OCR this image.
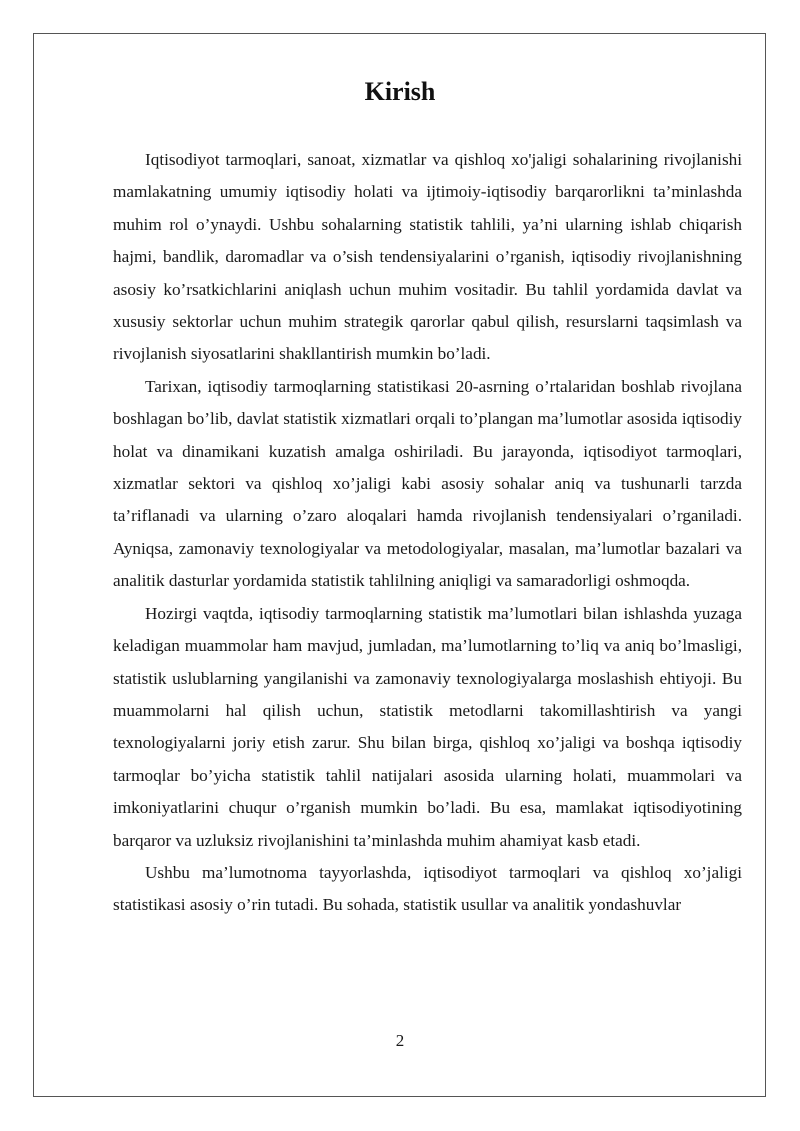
Kirish

Iqtisodiyot tarmoqlari, sanoat, xizmatlar va qishloq xo'jaligi sohalarining rivojlanishi mamlakatning umumiy iqtisodiy holati va ijtimoiy-iqtisodiy barqarorlikni ta’minlashda muhim rol o’ynaydi. Ushbu sohalarning statistik tahlili, ya’ni ularning ishlab chiqarish hajmi, bandlik, daromadlar va o’sish tendensiyalarini o’rganish, iqtisodiy rivojlanishning asosiy ko’rsatkichlarini aniqlash uchun muhim vositadir. Bu tahlil yordamida davlat va xususiy sektorlar uchun muhim strategik qarorlar qabul qilish, resurslarni taqsimlash va rivojlanish siyosatlarini shakllantirish mumkin bo’ladi.

Tarixan, iqtisodiy tarmoqlarning statistikasi 20-asrning o’rtalaridan boshlab rivojlana boshlagan bo’lib, davlat statistik xizmatlari orqali to’plangan ma’lumotlar asosida iqtisodiy holat va dinamikani kuzatish amalga oshiriladi. Bu jarayonda, iqtisodiyot tarmoqlari, xizmatlar sektori va qishloq xo’jaligi kabi asosiy sohalar aniq va tushunarli tarzda ta’riflanadi va ularning o’zaro aloqalari hamda rivojlanish tendensiyalari o’rganiladi. Ayniqsa, zamonaviy texnologiyalar va metodologiyalar, masalan, ma’lumotlar bazalari va analitik dasturlar yordamida statistik tahlilning aniqligi va samaradorligi oshmoqda.

Hozirgi vaqtda, iqtisodiy tarmoqlarning statistik ma’lumotlari bilan ishlashda yuzaga keladigan muammolar ham mavjud, jumladan, ma’lumotlarning to’liq va aniq bo’lmasligi, statistik uslublarning yangilanishi va zamonaviy texnologiyalarga moslashish ehtiyoji. Bu muammolarni hal qilish uchun, statistik metodlarni takomillashtirish va yangi texnologiyalarni joriy etish zarur. Shu bilan birga, qishloq xo’jaligi va boshqa iqtisodiy tarmoqlar bo’yicha statistik tahlil natijalari asosida ularning holati, muammolari va imkoniyatlarini chuqur o’rganish mumkin bo’ladi. Bu esa, mamlakat iqtisodiyotining barqaror va uzluksiz rivojlanishini ta’minlashda muhim ahamiyat kasb etadi.

Ushbu ma’lumotnoma tayyorlashda, iqtisodiyot tarmoqlari va qishloq xo’jaligi statistikasi asosiy o’rin tutadi. Bu sohada, statistik usullar va analitik yondashuvlar

2
